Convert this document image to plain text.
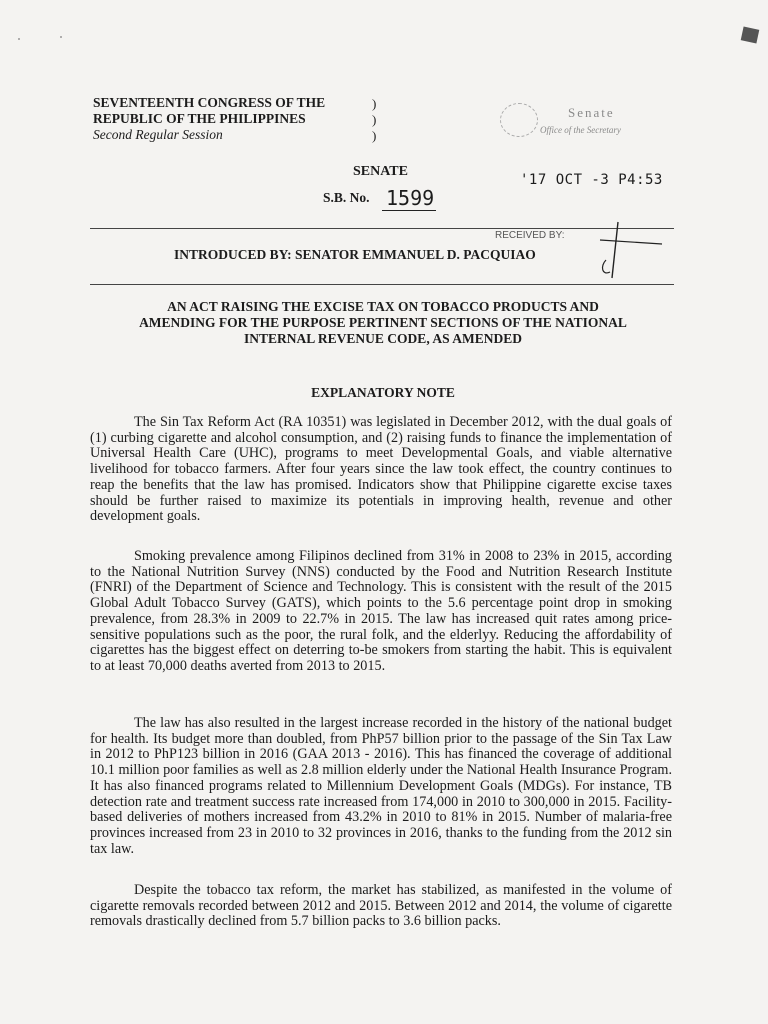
SEVENTEENTH CONGRESS OF THE
REPUBLIC OF THE PHILIPPINES
Second Regular Session
)
)
)
Senate
Office of the Secretary
SENATE
S.B. No. 1599
'17 OCT -3 P4:53
RECEIVED BY:
INTRODUCED BY: SENATOR EMMANUEL D. PACQUIAO
AN ACT RAISING THE EXCISE TAX ON TOBACCO PRODUCTS AND
AMENDING FOR THE PURPOSE PERTINENT SECTIONS OF THE NATIONAL
INTERNAL REVENUE CODE, AS AMENDED
EXPLANATORY NOTE

The Sin Tax Reform Act (RA 10351) was legislated in December 2012, with the dual goals of (1) curbing cigarette and alcohol consumption, and (2) raising funds to finance the implementation of Universal Health Care (UHC), programs to meet Developmental Goals, and viable alternative livelihood for tobacco farmers. After four years since the law took effect, the country continues to reap the benefits that the law has promised. Indicators show that Philippine cigarette excise taxes should be further raised to maximize its potentials in improving health, revenue and other development goals.

Smoking prevalence among Filipinos declined from 31% in 2008 to 23% in 2015, according to the National Nutrition Survey (NNS) conducted by the Food and Nutrition Research Institute (FNRI) of the Department of Science and Technology. This is consistent with the result of the 2015 Global Adult Tobacco Survey (GATS), which points to the 5.6 percentage point drop in smoking prevalence, from 28.3% in 2009 to 22.7% in 2015. The law has increased quit rates among price-sensitive populations such as the poor, the rural folk, and the elderlyy. Reducing the affordability of cigarettes has the biggest effect on deterring to-be smokers from starting the habit. This is equivalent to at least 70,000 deaths averted from 2013 to 2015.

The law has also resulted in the largest increase recorded in the history of the national budget for health. Its budget more than doubled, from PhP57 billion prior to the passage of the Sin Tax Law in 2012 to PhP123 billion in 2016 (GAA 2013 - 2016). This has financed the coverage of additional 10.1 million poor families as well as 2.8 million elderly under the National Health Insurance Program. It has also financed programs related to Millennium Development Goals (MDGs). For instance, TB detection rate and treatment success rate increased from 174,000 in 2010 to 300,000 in 2015. Facility-based deliveries of mothers increased from 43.2% in 2010 to 81% in 2015. Number of malaria-free provinces increased from 23 in 2010 to 32 provinces in 2016, thanks to the funding from the 2012 sin tax law.

Despite the tobacco tax reform, the market has stabilized, as manifested in the volume of cigarette removals recorded between 2012 and 2015. Between 2012 and 2014, the volume of cigarette removals drastically declined from 5.7 billion packs to 3.6 billion packs.
